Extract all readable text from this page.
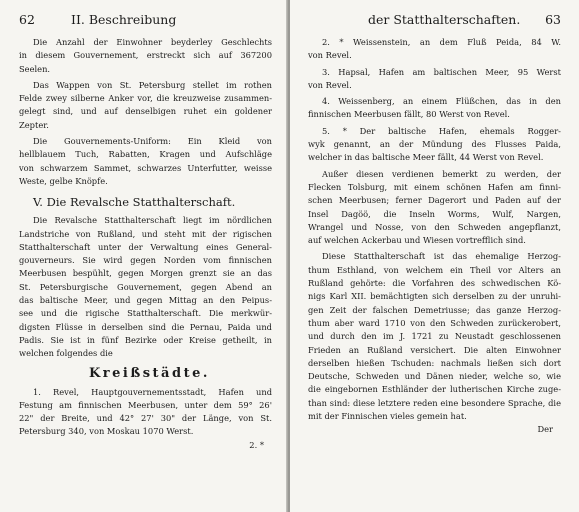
62	II. Beschreibung
Die Anzahl der Einwohner beyderley Geschlechts
in diesem Gouvernement, erstreckt sich auf 367200
Seelen.
Das Wappen von St. Petersburg stellet im rothen
Felde zwey silberne Anker vor, die kreuzweise zusammen-
gelegt sind, und auf denselbigen ruhet ein goldener
Zepter.
Die Gouvernements-Uniform: Ein Kleid von
hellblauem Tuch, Rabatten, Kragen und Aufschläge
von schwarzem Sammet, schwarzes Unterfutter, weisse
Weste, gelbe Knöpfe.
V. Die Revalsche Statthalterschaft.
Die Revalsche Statthalterschaft liegt im nördlichen
Landstriche von Rußland, und steht mit der rigischen
Statthalterschaft unter der Verwaltung eines General-
gouverneurs. Sie wird gegen Norden vom finnischen
Meerbusen bespühlt, gegen Morgen grenzt sie an das
St. Petersburgische Gouvernement, gegen Abend an
das baltische Meer, und gegen Mittag an den Peipus-
see und die rigische Statthalterschaft. Die merkwür-
digsten Flüsse in derselben sind die Pernau, Paida und
Padis. Sie ist in fünf Bezirke oder Kreise getheilt, in
welchen folgendes die
Kreißstädte.
1. Revel, Hauptgouvernementsstadt, Hafen und
Festung am finnischen Meerbusen, unter dem 59° 26'
22" der Breite, und 42° 27' 30" der Länge, von St.
Petersburg 340, von Moskau 1070 Werst.
2. *
der Statthalterschaften. 63
2. * Weissenstein, an dem Fluß Peida, 84 W.
von Revel.
3. Hapsal, Hafen am baltischen Meer, 95 Werst
von Revel.
4. Weissenberg, an einem Flüßchen, das in den
finnischen Meerbusen fällt, 80 Werst von Revel.
5. * Der baltische Hafen, ehemals Rogger-
wyk genannt, an der Mündung des Flusses Paida,
welcher in das baltische Meer fällt, 44 Werst von Revel.
Außer diesen verdienen bemerkt zu werden, der
Flecken Tolsburg, mit einem schönen Hafen am finni-
schen Meerbusen; ferner Dagerort und Paden auf der
Insel Dagöö, die Inseln Worms, Wulf, Nargen,
Wrangel und Nosse, von den Schweden angepflanzt,
auf welchen Ackerbau und Wiesen vortrefflich sind.
Diese Statthalterschaft ist das ehemalige Herzog-
thum Esthland, von welchem ein Theil vor Alters an
Rußland gehörte: die Vorfahren des schwedischen Kö-
nigs Karl XII. bemächtigten sich derselben zu der unruhi-
gen Zeit der falschen Demetriusse; das ganze Herzog-
thum aber ward 1710 von den Schweden zurückerobert,
und durch den im J. 1721 zu Neustadt geschlossenen
Frieden an Rußland versichert. Die alten Einwohner
derselben hießen Tschuden: nachmals ließen sich dort
Deutsche, Schweden und Dänen nieder, welche so, wie
die eingebornen Esthländer der lutherischen Kirche zuge-
than sind: diese letztere reden eine besondere Sprache, die
mit der Finnischen vieles gemein hat.
Der
